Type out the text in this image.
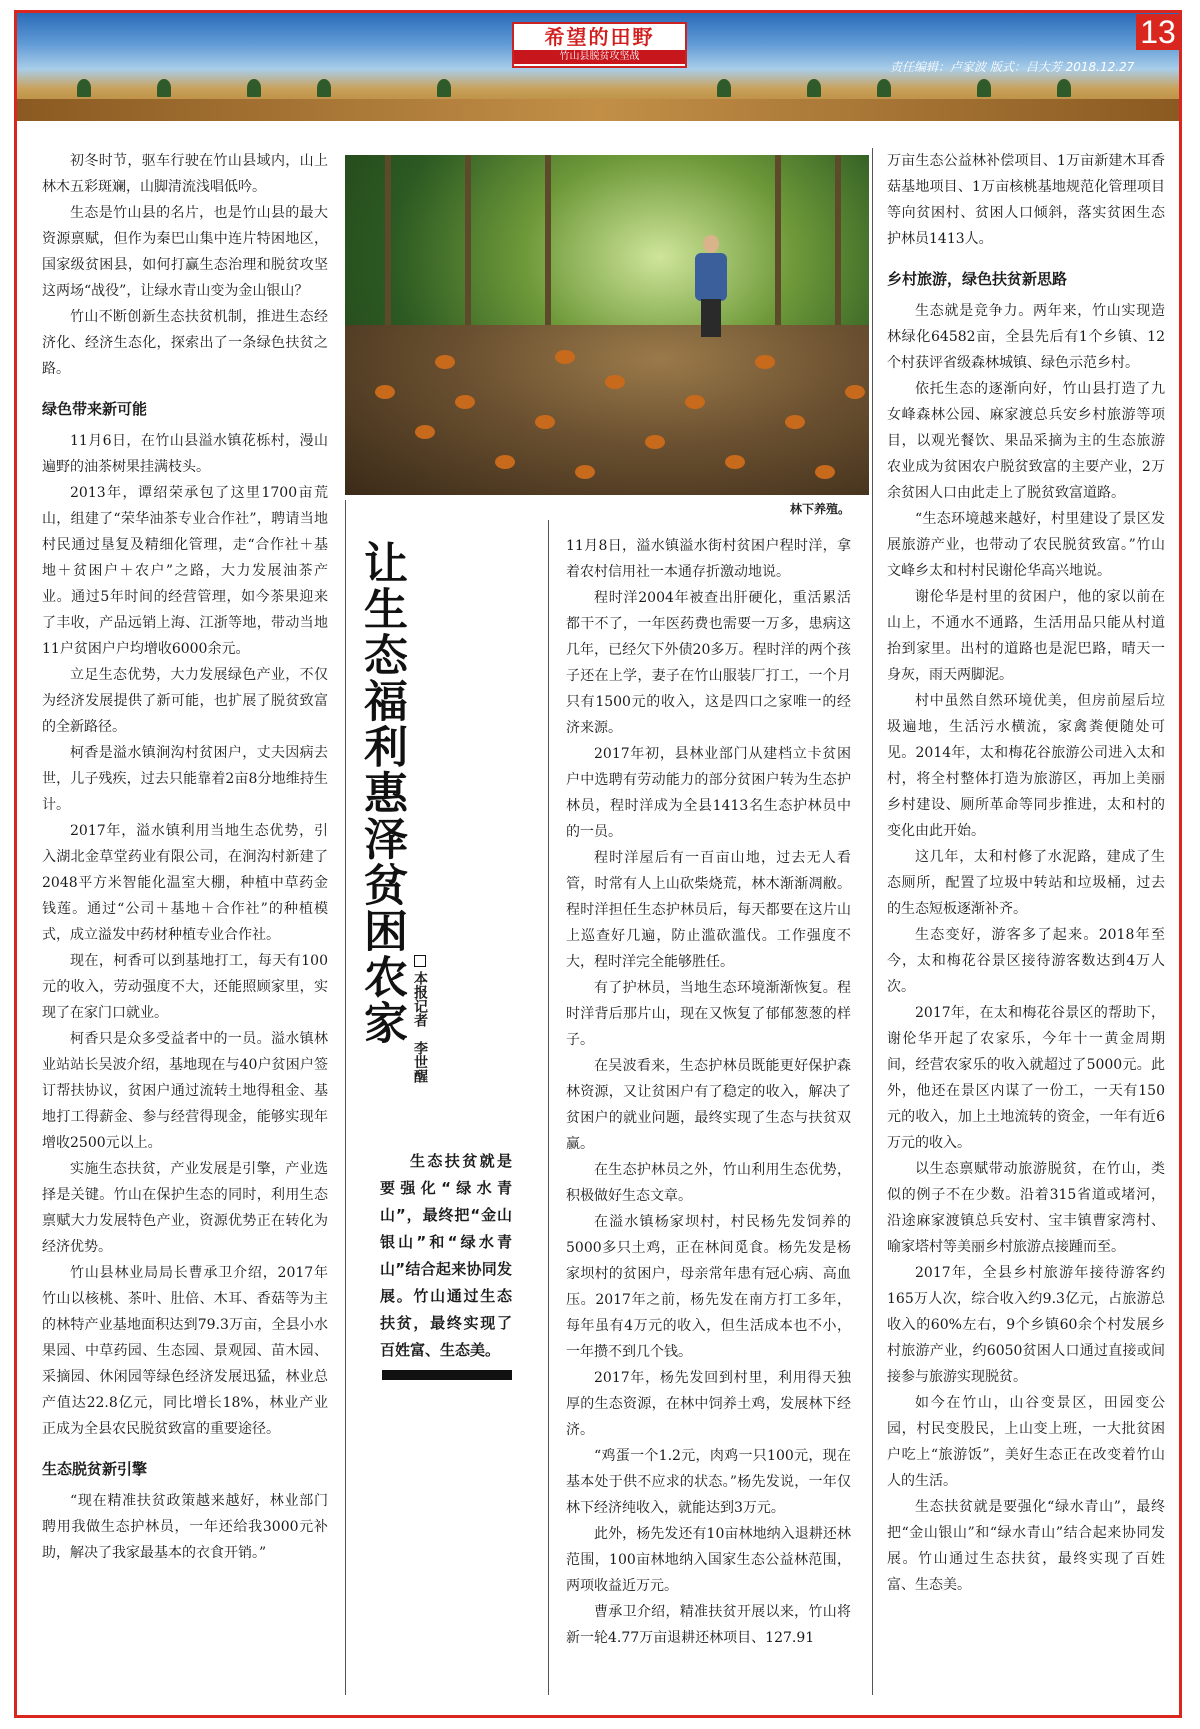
希望的田野
竹山县脱贫攻坚战
13
责任编辑：卢家波 版式：吕大芳 2018.12.27

初冬时节，驱车行驶在竹山县域内，山上林木五彩斑斓，山脚清流浅唱低吟。

生态是竹山县的名片，也是竹山县的最大资源禀赋，但作为秦巴山集中连片特困地区，国家级贫困县，如何打赢生态治理和脱贫攻坚这两场“战役”，让绿水青山变为金山银山？

竹山不断创新生态扶贫机制，推进生态经济化、经济生态化，探索出了一条绿色扶贫之路。

绿色带来新可能

11月6日，在竹山县溢水镇花栎村，漫山遍野的油茶树果挂满枝头。

2013年，谭绍荣承包了这里1700亩荒山，组建了“荣华油茶专业合作社”，聘请当地村民通过垦复及精细化管理，走“合作社＋基地＋贫困户＋农户”之路，大力发展油茶产业。通过5年时间的经营管理，如今茶果迎来了丰收，产品远销上海、江浙等地，带动当地11户贫困户户均增收6000余元。

立足生态优势，大力发展绿色产业，不仅为经济发展提供了新可能，也扩展了脱贫致富的全新路径。

柯香是溢水镇涧沟村贫困户，丈夫因病去世，儿子残疾，过去只能靠着2亩8分地维持生计。

2017年，溢水镇利用当地生态优势，引入湖北金草堂药业有限公司，在涧沟村新建了2048平方米智能化温室大棚，种植中草药金钱莲。通过“公司＋基地＋合作社”的种植模式，成立溢发中药材种植专业合作社。

现在，柯香可以到基地打工，每天有100元的收入，劳动强度不大，还能照顾家里，实现了在家门口就业。

柯香只是众多受益者中的一员。溢水镇林业站站长吴波介绍，基地现在与40户贫困户签订帮扶协议，贫困户通过流转土地得租金、基地打工得薪金、参与经营得现金，能够实现年增收2500元以上。

实施生态扶贫，产业发展是引擎，产业选择是关键。竹山在保护生态的同时，利用生态禀赋大力发展特色产业，资源优势正在转化为经济优势。

竹山县林业局局长曹承卫介绍，2017年竹山以核桃、茶叶、肚倍、木耳、香菇等为主的林特产业基地面积达到79.3万亩，全县小水果园、中草药园、生态园、景观园、苗木园、采摘园、休闲园等绿色经济发展迅猛，林业总产值达22.8亿元，同比增长18%，林业产业正成为全县农民脱贫致富的重要途径。

生态脱贫新引擎

“现在精准扶贫政策越来越好，林业部门聘用我做生态护林员，一年还给我3000元补助，解决了我家最基本的衣食开销。”

林下养殖。
让生态福利惠泽贫困农家 本报记者　李世醒
生态扶贫就是要强化“绿水青山”，最终把“金山银山”和“绿水青山”结合起来协同发展。竹山通过生态扶贫，最终实现了百姓富、生态美。

11月8日，溢水镇溢水街村贫困户程时洋，拿着农村信用社一本通存折激动地说。

程时洋2004年被查出肝硬化，重活累活都干不了，一年医药费也需要一万多，患病这几年，已经欠下外债20多万。程时洋的两个孩子还在上学，妻子在竹山服装厂打工，一个月只有1500元的收入，这是四口之家唯一的经济来源。

2017年初，县林业部门从建档立卡贫困户中选聘有劳动能力的部分贫困户转为生态护林员，程时洋成为全县1413名生态护林员中的一员。

程时洋屋后有一百亩山地，过去无人看管，时常有人上山砍柴烧荒，林木渐渐凋敝。程时洋担任生态护林员后，每天都要在这片山上巡查好几遍，防止滥砍滥伐。工作强度不大，程时洋完全能够胜任。

有了护林员，当地生态环境渐渐恢复。程时洋背后那片山，现在又恢复了郁郁葱葱的样子。

在吴波看来，生态护林员既能更好保护森林资源，又让贫困户有了稳定的收入，解决了贫困户的就业问题，最终实现了生态与扶贫双赢。

在生态护林员之外，竹山利用生态优势，积极做好生态文章。

在溢水镇杨家坝村，村民杨先发饲养的5000多只土鸡，正在林间觅食。杨先发是杨家坝村的贫困户，母亲常年患有冠心病、高血压。2017年之前，杨先发在南方打工多年，每年虽有4万元的收入，但生活成本也不小，一年攒不到几个钱。

2017年，杨先发回到村里，利用得天独厚的生态资源，在林中饲养土鸡，发展林下经济。

“鸡蛋一个1.2元，肉鸡一只100元，现在基本处于供不应求的状态。”杨先发说，一年仅林下经济纯收入，就能达到3万元。

此外，杨先发还有10亩林地纳入退耕还林范围，100亩林地纳入国家生态公益林范围，两项收益近万元。

曹承卫介绍，精准扶贫开展以来，竹山将新一轮4.77万亩退耕还林项目、127.91

万亩生态公益林补偿项目、1万亩新建木耳香菇基地项目、1万亩核桃基地规范化管理项目等向贫困村、贫困人口倾斜，落实贫困生态护林员1413人。

乡村旅游，绿色扶贫新思路

生态就是竞争力。两年来，竹山实现造林绿化64582亩，全县先后有1个乡镇、12个村获评省级森林城镇、绿色示范乡村。

依托生态的逐渐向好，竹山县打造了九女峰森林公园、麻家渡总兵安乡村旅游等项目，以观光餐饮、果品采摘为主的生态旅游农业成为贫困农户脱贫致富的主要产业，2万余贫困人口由此走上了脱贫致富道路。

“生态环境越来越好，村里建设了景区发展旅游产业，也带动了农民脱贫致富。”竹山文峰乡太和村村民谢伦华高兴地说。

谢伦华是村里的贫困户，他的家以前在山上，不通水不通路，生活用品只能从村道抬到家里。出村的道路也是泥巴路，晴天一身灰，雨天两脚泥。

村中虽然自然环境优美，但房前屋后垃圾遍地，生活污水横流，家禽粪便随处可见。2014年，太和梅花谷旅游公司进入太和村，将全村整体打造为旅游区，再加上美丽乡村建设、厕所革命等同步推进，太和村的变化由此开始。

这几年，太和村修了水泥路，建成了生态厕所，配置了垃圾中转站和垃圾桶，过去的生态短板逐渐补齐。

生态变好，游客多了起来。2018年至今，太和梅花谷景区接待游客数达到4万人次。

2017年，在太和梅花谷景区的帮助下，谢伦华开起了农家乐，今年十一黄金周期间，经营农家乐的收入就超过了5000元。此外，他还在景区内谋了一份工，一天有150元的收入，加上土地流转的资金，一年有近6万元的收入。

以生态禀赋带动旅游脱贫，在竹山，类似的例子不在少数。沿着315省道或堵河，沿途麻家渡镇总兵安村、宝丰镇曹家湾村、喻家塔村等美丽乡村旅游点接踵而至。

2017年，全县乡村旅游年接待游客约165万人次，综合收入约9.3亿元，占旅游总收入的60%左右，9个乡镇60余个村发展乡村旅游产业，约6050贫困人口通过直接或间接参与旅游实现脱贫。

如今在竹山，山谷变景区，田园变公园，村民变股民，上山变上班，一大批贫困户吃上“旅游饭”，美好生态正在改变着竹山人的生活。

生态扶贫就是要强化“绿水青山”，最终把“金山银山”和“绿水青山”结合起来协同发展。竹山通过生态扶贫，最终实现了百姓富、生态美。
